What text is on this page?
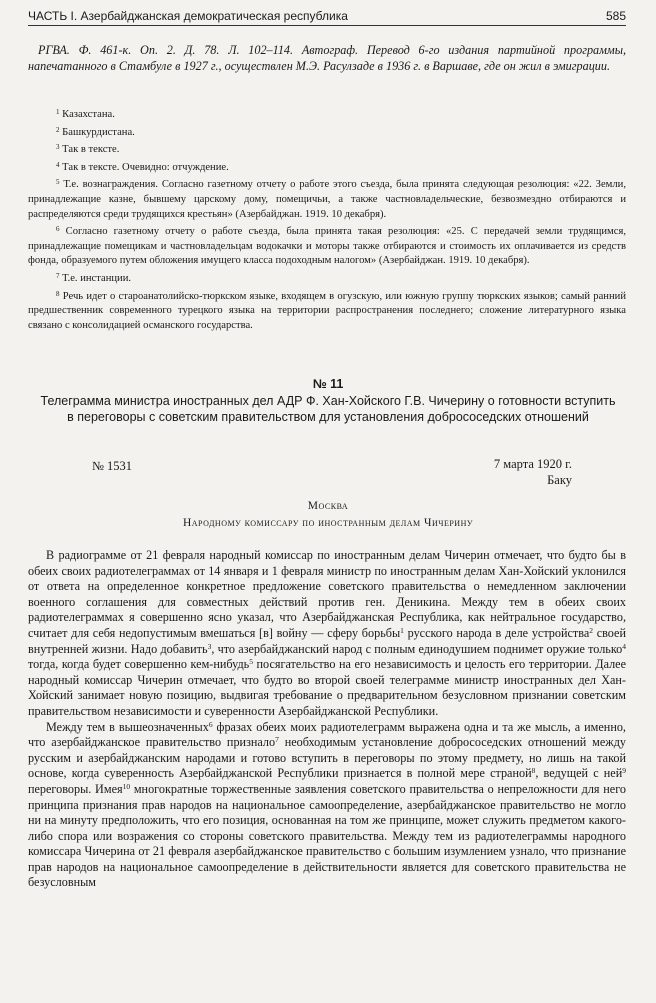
ЧАСТЬ I. Азербайджанская демократическая республика	585
РГВА. Ф. 461-к. Оп. 2. Д. 78. Л. 102–114. Автограф. Перевод 6-го издания партийной программы, напечатанного в Стамбуле в 1927 г., осуществлен М.Э. Расулзаде в 1936 г. в Варшаве, где он жил в эмиграции.

$^1$ Казахстана.

$^2$ Башкурдистана.

$^3$ Так в тексте.

$^4$ Так в тексте. Очевидно: отчуждение.

$^5$ Т.е. вознаграждения. Согласно газетному отчету о работе этого съезда, была принята следующая резолюция: «22. Земли, принадлежащие казне, бывшему царскому дому, помещичьи, а также частновладельческие, безвозмездно отбираются и распределяются среди трудящихся крестьян» (Азербайджан. 1919. 10 декабря).

$^6$ Согласно газетному отчету о работе съезда, была принята такая резолюция: «25. С передачей земли трудящимся, принадлежащие помещикам и частновладельцам водокачки и моторы также отбираются и стоимость их оплачивается из средств фонда, образуемого путем обложения имущего класса подоходным налогом» (Азербайджан. 1919. 10 декабря).

$^7$ Т.е. инстанции.

$^8$ Речь идет о староанатолийско-тюркском языке, входящем в огузскую, или южную группу тюркских языков; самый ранний предшественник современного турецкого языка на территории распространения последнего; сложение литературного языка связано с консолидацией османского государства.

№ 11
Телеграмма министра иностранных дел АДР Ф. Хан-Хойского Г.В. Чичерину о готовности вступить в переговоры с советским правительством для установления добрососедских отношений
№ 1531	7 марта 1920 г.
Баку
Москва
Народному комиссару по иностранным делам Чичерину

В радиограмме от 21 февраля народный комиссар по иностранным делам Чичерин отмечает, что будто бы в обеих своих радиотелеграммах от 14 января и 1 февраля министр по иностранным делам Хан-Хойский уклонился от ответа на определенное конкретное предложение советского правительства о немедленном заключении военного соглашения для совместных действий против ген. Деникина. Между тем в обеих своих радиотелеграммах я совершенно ясно указал, что Азербайджанская Республика, как нейтральное государство, считает для себя недопустимым вмешаться [в] войну — сферу борьбы$^1$ русского народа в деле устройства$^2$ своей внутренней жизни. Надо добавить$^3$, что азербайджанский народ с полным единодушием поднимет оружие только$^4$ тогда, когда будет совершенно кем-нибудь$^5$ посягательство на его независимость и целость его территории. Далее народный комиссар Чичерин отмечает, что будто во второй своей телеграмме министр иностранных дел Хан-Хойский занимает новую позицию, выдвигая требование о предварительном безусловном признании советским правительством независимости и суверенности Азербайджанской Республики.

Между тем в вышеозначенных$^6$ фразах обеих моих радиотелеграмм выражена одна и та же мысль, а именно, что азербайджанское правительство признало$^7$ необходимым установление добрососедских отношений между русским и азербайджанским народами и готово вступить в переговоры по этому предмету, но лишь на такой основе, когда суверенность Азербайджанской Республики признается в полной мере страной$^8$, ведущей с ней$^9$ переговоры. Имея$^{10}$ многократные торжественные заявления советского правительства о непреложности для него принципа признания прав народов на национальное самоопределение, азербайджанское правительство не могло ни на минуту предположить, что его позиция, основанная на том же принципе, может служить предметом какого-либо спора или возражения со стороны советского правительства. Между тем из радиотелеграммы народного комиссара Чичерина от 21 февраля азербайджанское правительство с большим изумлением узнало, что признание прав народов на национальное самоопределение в действительности является для советского правительства не безусловным
